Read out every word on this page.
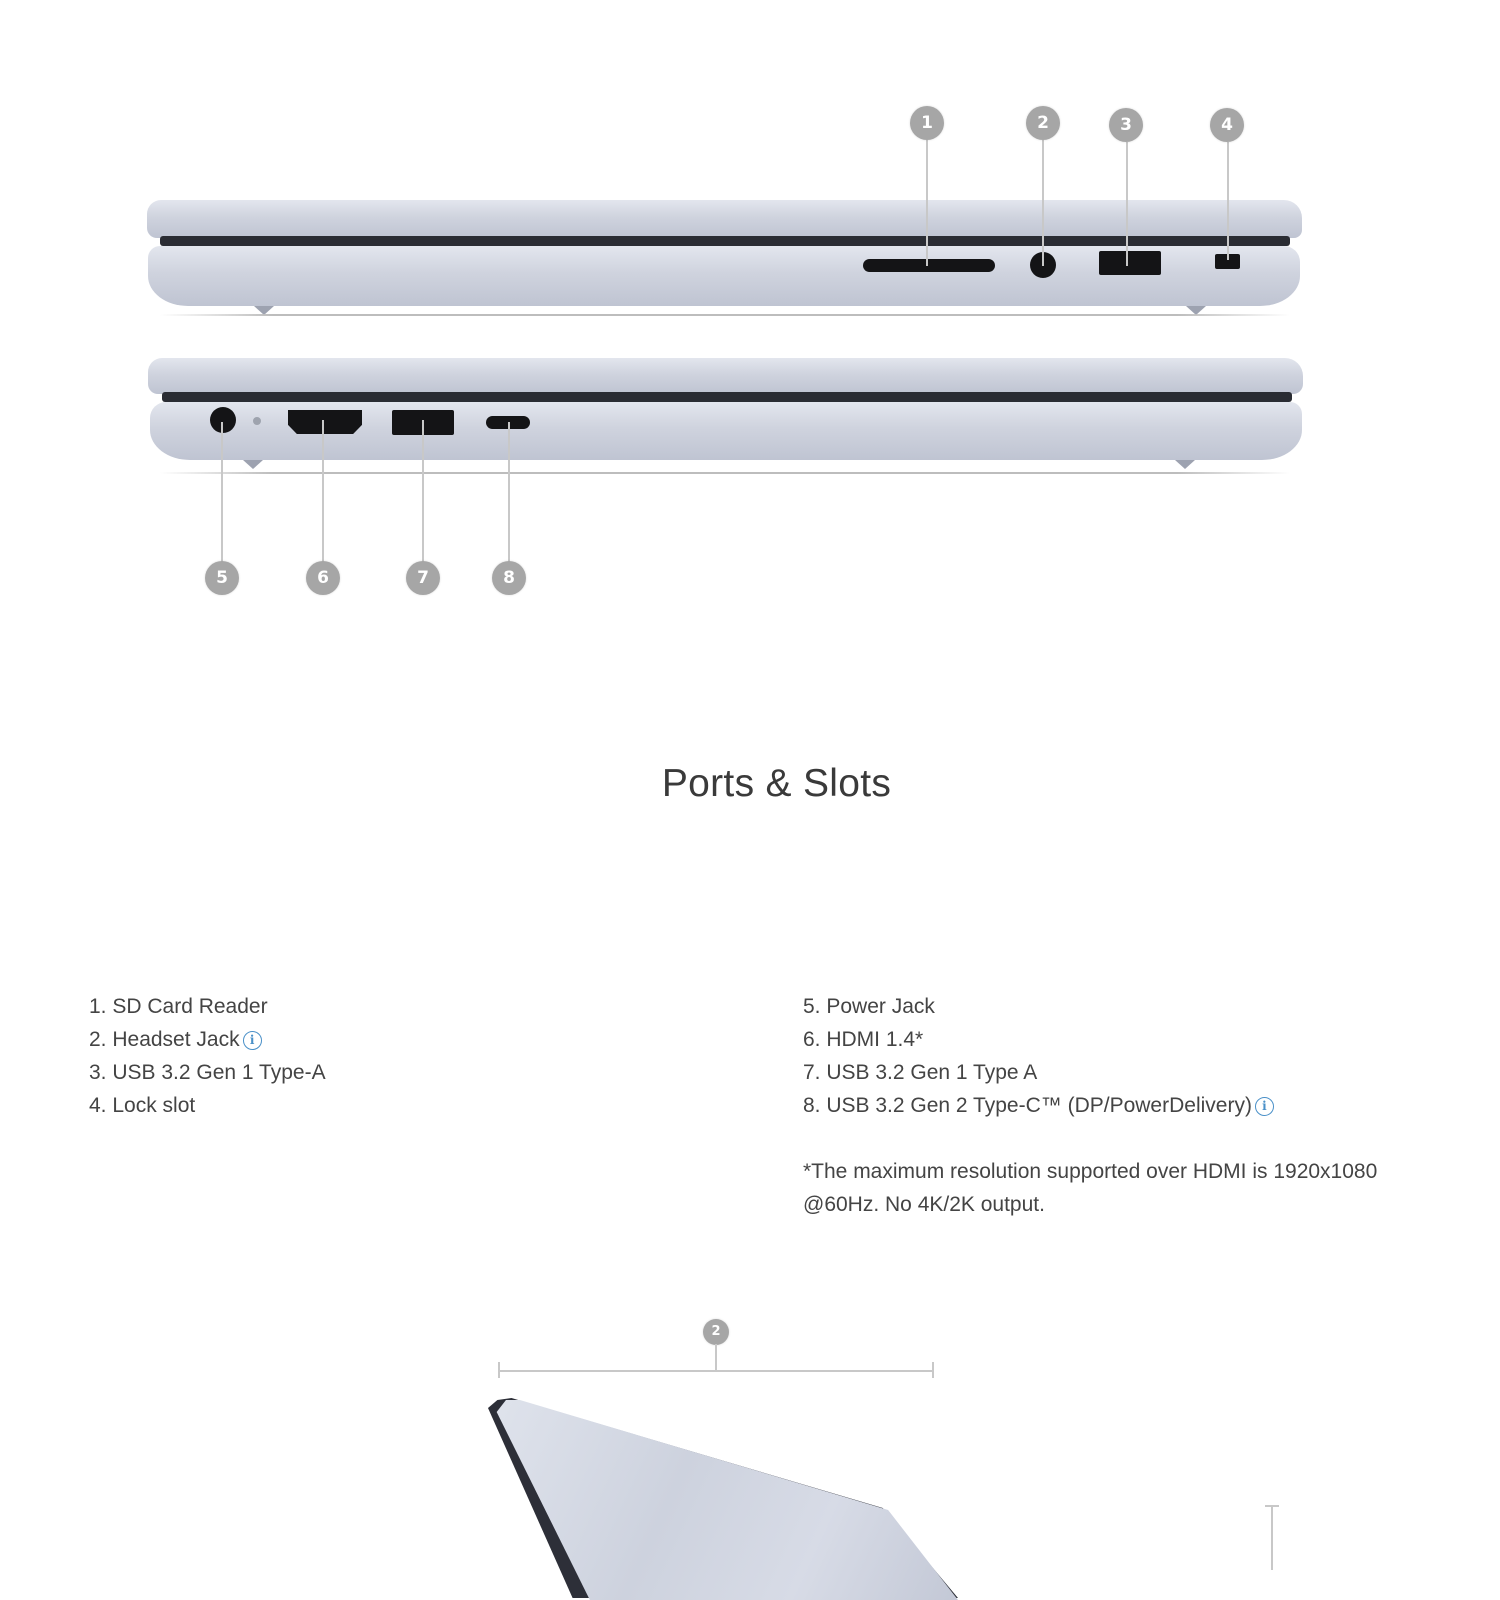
1	2	3	4
5	6	7	8
Ports & Slots
1. SD Card Reader
2. Headset Jack i
3. USB 3.2 Gen 1 Type-A
4. Lock slot
5. Power Jack
6. HDMI 1.4*
7. USB 3.2 Gen 1 Type A
8. USB 3.2 Gen 2 Type-C™ (DP/PowerDelivery) i
*The maximum resolution supported over HDMI is 1920x1080 @60Hz. No 4K/2K output.
2
